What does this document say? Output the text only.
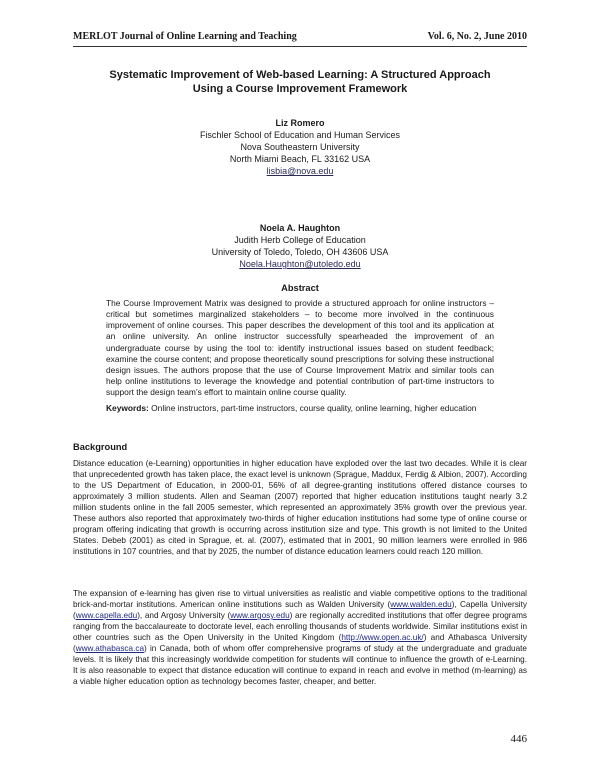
MERLOT Journal of Online Learning and Teaching	Vol. 6, No. 2, June 2010
Systematic Improvement of Web-based Learning: A Structured Approach
Using a Course Improvement Framework
Liz Romero
Fischler School of Education and Human Services
Nova Southeastern University
North Miami Beach, FL 33162 USA
lisbia@nova.edu
Noela A. Haughton
Judith Herb College of Education
University of Toledo, Toledo, OH 43606 USA
Noela.Haughton@utoledo.edu
Abstract

The Course Improvement Matrix was designed to provide a structured approach for online instructors – critical but sometimes marginalized stakeholders – to become more involved in the continuous improvement of online courses. This paper describes the development of this tool and its application at an online university. An online instructor successfully spearheaded the improvement of an undergraduate course by using the tool to: identify instructional issues based on student feedback; examine the course content; and propose theoretically sound prescriptions for solving these instructional design issues. The authors propose that the use of Course Improvement Matrix and similar tools can help online institutions to leverage the knowledge and potential contribution of part-time instructors to support the design team’s effort to maintain online course quality.

Keywords: Online instructors, part-time instructors, course quality, online learning, higher education

Background

Distance education (e-Learning) opportunities in higher education have exploded over the last two decades. While it is clear that unprecedented growth has taken place, the exact level is unknown (Sprague, Maddux, Ferdig & Albion, 2007). According to the US Department of Education, in 2000-01, 56% of all degree-granting institutions offered distance courses to approximately 3 million students. Allen and Seaman (2007) reported that higher education institutions taught nearly 3.2 million students online in the fall 2005 semester, which represented an approximately 35% growth over the previous year. These authors also reported that approximately two-thirds of higher education institutions had some type of online course or program offering indicating that growth is occurring across institution size and type. This growth is not limited to the United States. Debeb (2001) as cited in Sprague, et. al. (2007), estimated that in 2001, 90 million learners were enrolled in 986 institutions in 107 countries, and that by 2025, the number of distance education learners could reach 120 million.

The expansion of e-learning has given rise to virtual universities as realistic and viable competitive options to the traditional brick-and-mortar institutions. American online institutions such as Walden University (www.walden.edu), Capella University (www.capella.edu), and Argosy University (www.argosy.edu) are regionally accredited institutions that offer degree programs ranging from the baccalaureate to doctorate level, each enrolling thousands of students worldwide. Similar institutions exist in other countries such as the Open University in the United Kingdom (http://www.open.ac.uk/) and Athabasca University (www.athabasca.ca) in Canada, both of whom offer comprehensive programs of study at the undergraduate and graduate levels. It is likely that this increasingly worldwide competition for students will continue to influence the growth of e-Learning. It is also reasonable to expect that distance education will continue to expand in reach and evolve in method (m-learning) as a viable higher education option as technology becomes faster, cheaper, and better.

446
